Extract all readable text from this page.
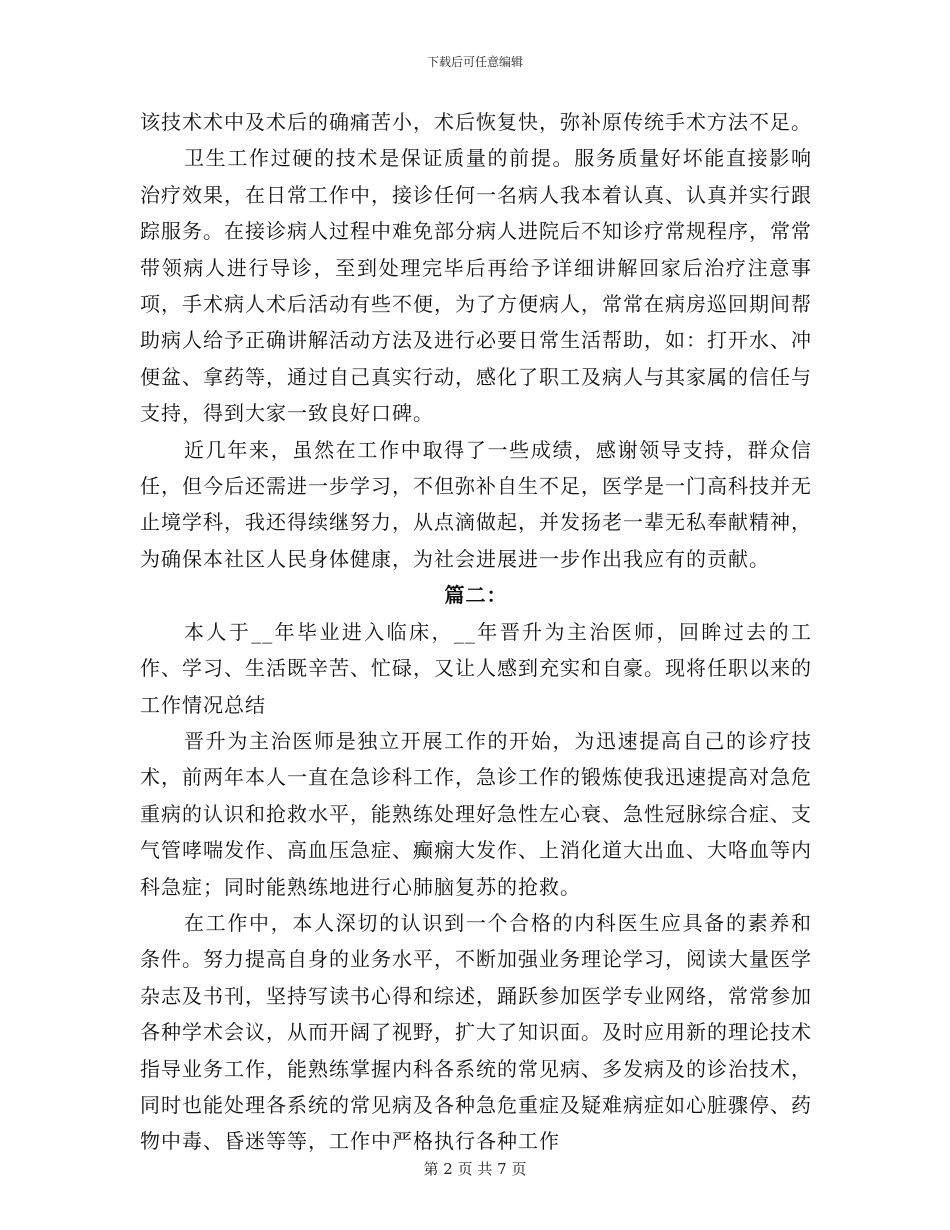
下载后可任意编辑

该技术术中及术后的确痛苦小，术后恢复快，弥补原传统手术方法不足。

卫生工作过硬的技术是保证质量的前提。服务质量好坏能直接影响治疗效果，在日常工作中，接诊任何一名病人我本着认真、认真并实行跟踪服务。在接诊病人过程中难免部分病人进院后不知诊疗常规程序，常常带领病人进行导诊，至到处理完毕后再给予详细讲解回家后治疗注意事项，手术病人术后活动有些不便，为了方便病人，常常在病房巡回期间帮助病人给予正确讲解活动方法及进行必要日常生活帮助，如：打开水、冲便盆、拿药等，通过自己真实行动，感化了职工及病人与其家属的信任与支持，得到大家一致良好口碑。

近几年来，虽然在工作中取得了一些成绩，感谢领导支持，群众信任，但今后还需进一步学习，不但弥补自生不足，医学是一门高科技并无止境学科，我还得续继努力，从点滴做起，并发扬老一辈无私奉献精神，为确保本社区人民身体健康，为社会进展进一步作出我应有的贡献。

篇二：

本人于__年毕业进入临床，__年晋升为主治医师，回眸过去的工作、学习、生活既辛苦、忙碌，又让人感到充实和自豪。现将任职以来的工作情况总结

晋升为主治医师是独立开展工作的开始，为迅速提高自己的诊疗技术，前两年本人一直在急诊科工作，急诊工作的锻炼使我迅速提高对急危重病的认识和抢救水平，能熟练处理好急性左心衰、急性冠脉综合症、支气管哮喘发作、高血压急症、癫痫大发作、上消化道大出血、大咯血等内科急症；同时能熟练地进行心肺脑复苏的抢救。

在工作中，本人深切的认识到一个合格的内科医生应具备的素养和条件。努力提高自身的业务水平，不断加强业务理论学习，阅读大量医学杂志及书刊，坚持写读书心得和综述，踊跃参加医学专业网络，常常参加各种学术会议，从而开阔了视野，扩大了知识面。及时应用新的理论技术指导业务工作，能熟练掌握内科各系统的常见病、多发病及的诊治技术，同时也能处理各系统的常见病及各种急危重症及疑难病症如心脏骤停、药物中毒、昏迷等等，工作中严格执行各种工作

第 2 页 共 7 页
